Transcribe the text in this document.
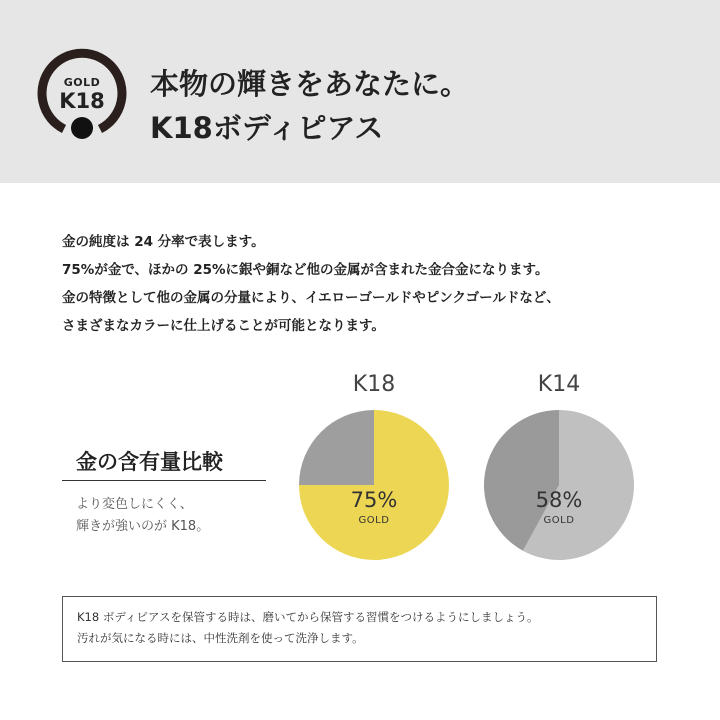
GOLD
K18	本物の輝きをあなたに。
K18ボディピアス

金の純度は 24 分率で表します。

75%が金で、ほかの 25%に銀や銅など他の金属が含まれた金合金になります。

金の特徴として他の金属の分量により、イエローゴールドやピンクゴールドなど、

さまざまなカラーに仕上げることが可能となります。

金の含有量比較

より変色しにくく、

輝きが強いのが K18。

K18
75%
GOLD
K14
58%
GOLD

K18 ボディピアスを保管する時は、磨いてから保管する習慣をつけるようにしましょう。

汚れが気になる時には、中性洗剤を使って洗浄します。
